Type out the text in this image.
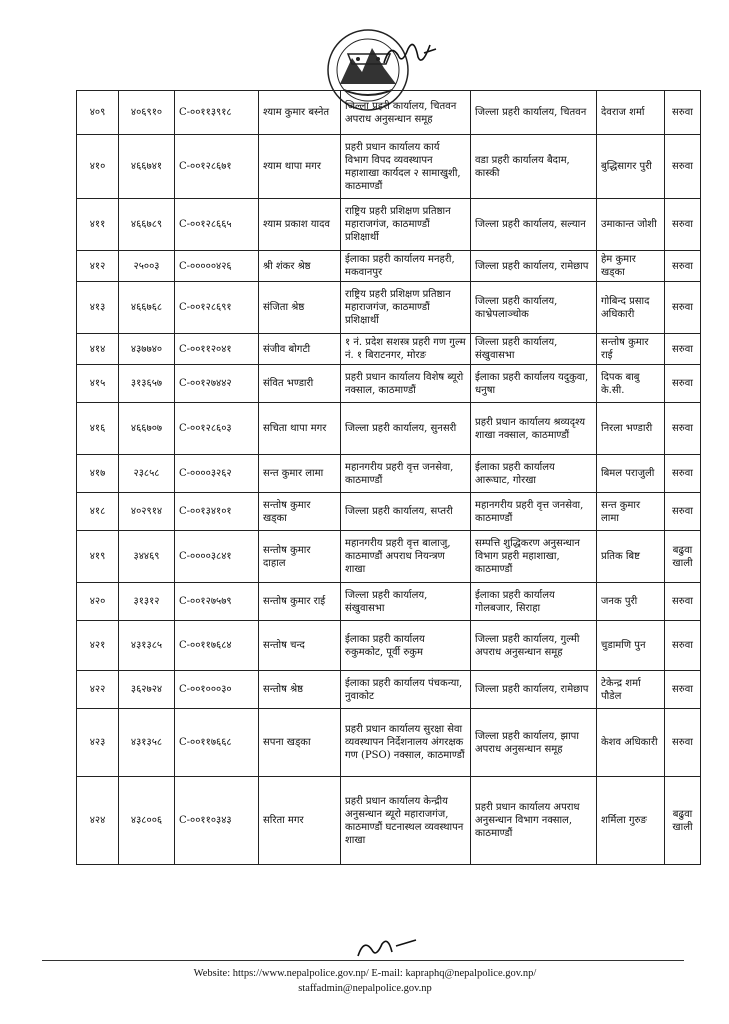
४०९	४०६९१०	C-००११३९१८	श्याम कुमार बस्नेत	जिल्ला प्रहरी कार्यालय, चितवन अपराध अनुसन्धान समूह	जिल्ला प्रहरी कार्यालय, चितवन	देवराज शर्मा	सरुवा
४१०	४६६७४१	C-००१२८६७१	श्याम थापा मगर	प्रहरी प्रधान कार्यालय कार्य विभाग विपद व्यवस्थापन महाशाखा कार्यदल २ सामाखुशी, काठमाण्डौं	वडा प्रहरी कार्यालय बैदाम, कास्की	बुद्धिसागर पुरी	सरुवा
४११	४६६७८९	C-००१२८६६५	श्याम प्रकाश यादव	राष्ट्रिय प्रहरी प्रशिक्षण प्रतिष्ठान महाराजगंज, काठमाण्डौं प्रशिक्षार्थी	जिल्ला प्रहरी कार्यालय, सल्यान	उमाकान्त जोशी	सरुवा
४१२	२५००३	C-०००००४२६	श्री शंकर श्रेष्ठ	ईलाका प्रहरी कार्यालय मनहरी, मकवानपुर	जिल्ला प्रहरी कार्यालय, रामेछाप	हेम कुमार खड्का	सरुवा
४१३	४६६७६८	C-००१२८६९१	संजिता श्रेष्ठ	राष्ट्रिय प्रहरी प्रशिक्षण प्रतिष्ठान महाराजगंज, काठमाण्डौं प्रशिक्षार्थी	जिल्ला प्रहरी कार्यालय, काभ्रेपलाञ्चोक	गोबिन्द प्रसाद अधिकारी	सरुवा
४१४	४३७७४०	C-००११२०४१	संजीव बोगटी	१ नं. प्रदेश सशस्त्र प्रहरी गण गुल्म नं. १ बिराटनगर, मोरङ	जिल्ला प्रहरी कार्यालय, संखुवासभा	सन्तोष कुमार राई	सरुवा
४१५	३१३६५७	C-००१२७४४२	संवित भण्डारी	प्रहरी प्रधान कार्यालय विशेष ब्यूरो नक्साल, काठमाण्डौं	ईलाका प्रहरी कार्यालय यदुकुवा, धनुषा	दिपक बाबु के.सी.	सरुवा
४१६	४६६७०७	C-००१२८६०३	सचिता थापा मगर	जिल्ला प्रहरी कार्यालय, सुनसरी	प्रहरी प्रधान कार्यालय श्रव्यदृश्य शाखा नक्साल, काठमाण्डौं	निरला भण्डारी	सरुवा
४१७	२३८५८	C-००००३२६२	सन्त कुमार लामा	महानगरीय प्रहरी वृत्त जनसेवा, काठमाण्डौं	ईलाका प्रहरी कार्यालय आरूघाट, गोरखा	बिमल पराजुली	सरुवा
४१८	४०२९१४	C-००१३४१०१	सन्तोष कुमार खड्का	जिल्ला प्रहरी कार्यालय, सप्तरी	महानगरीय प्रहरी वृत्त जनसेवा, काठमाण्डौं	सन्त कुमार लामा	सरुवा
४१९	३४४६९	C-००००३८४१	सन्तोष कुमार दाहाल	महानगरीय प्रहरी वृत्त बालाजु, काठमाण्डौं अपराध नियन्त्रण शाखा	सम्पत्ति शुद्धिकरण अनुसन्धान विभाग प्रहरी महाशाखा, काठमाण्डौं	प्रतिक बिष्ट	बढुवा खाली
४२०	३१३१२	C-००१२७५७९	सन्तोष कुमार राई	जिल्ला प्रहरी कार्यालय, संखुवासभा	ईलाका प्रहरी कार्यालय गोलबजार, सिराहा	जनक पुरी	सरुवा
४२१	४३१३८५	C-००११७६८४	सन्तोष चन्द	ईलाका प्रहरी कार्यालय रुकुमकोट, पूर्वी रुकुम	जिल्ला प्रहरी कार्यालय, गुल्मी अपराध अनुसन्धान समूह	चुडामणि पुन	सरुवा
४२२	३६२७२४	C-००१०००३०	सन्तोष श्रेष्ठ	ईलाका प्रहरी कार्यालय पंचकन्या, नुवाकोट	जिल्ला प्रहरी कार्यालय, रामेछाप	टेकेन्द्र शर्मा पौडेल	सरुवा
४२३	४३१३५८	C-००११७६६८	सपना खड्का	प्रहरी प्रधान कार्यालय सुरक्षा सेवा व्यवस्थापन निर्देशनालय अंगरक्षक गण (PSO) नक्साल, काठमाण्डौं	जिल्ला प्रहरी कार्यालय, झापा अपराध अनुसन्धान समूह	केशव अधिकारी	सरुवा
४२४	४३८००६	C-००११०३४३	सरिता मगर	प्रहरी प्रधान कार्यालय केन्द्रीय अनुसन्धान ब्यूरो महाराजगंज, काठमाण्डौं घटनास्थल व्यवस्थापन शाखा	प्रहरी प्रधान कार्यालय अपराध अनुसन्धान विभाग नक्साल, काठमाण्डौं	शर्मिला गुरुङ	बढुवा खाली
Website: https://www.nepalpolice.gov.np/ E-mail: kapraphq@nepalpolice.gov.np/
staffadmin@nepalpolice.gov.np
